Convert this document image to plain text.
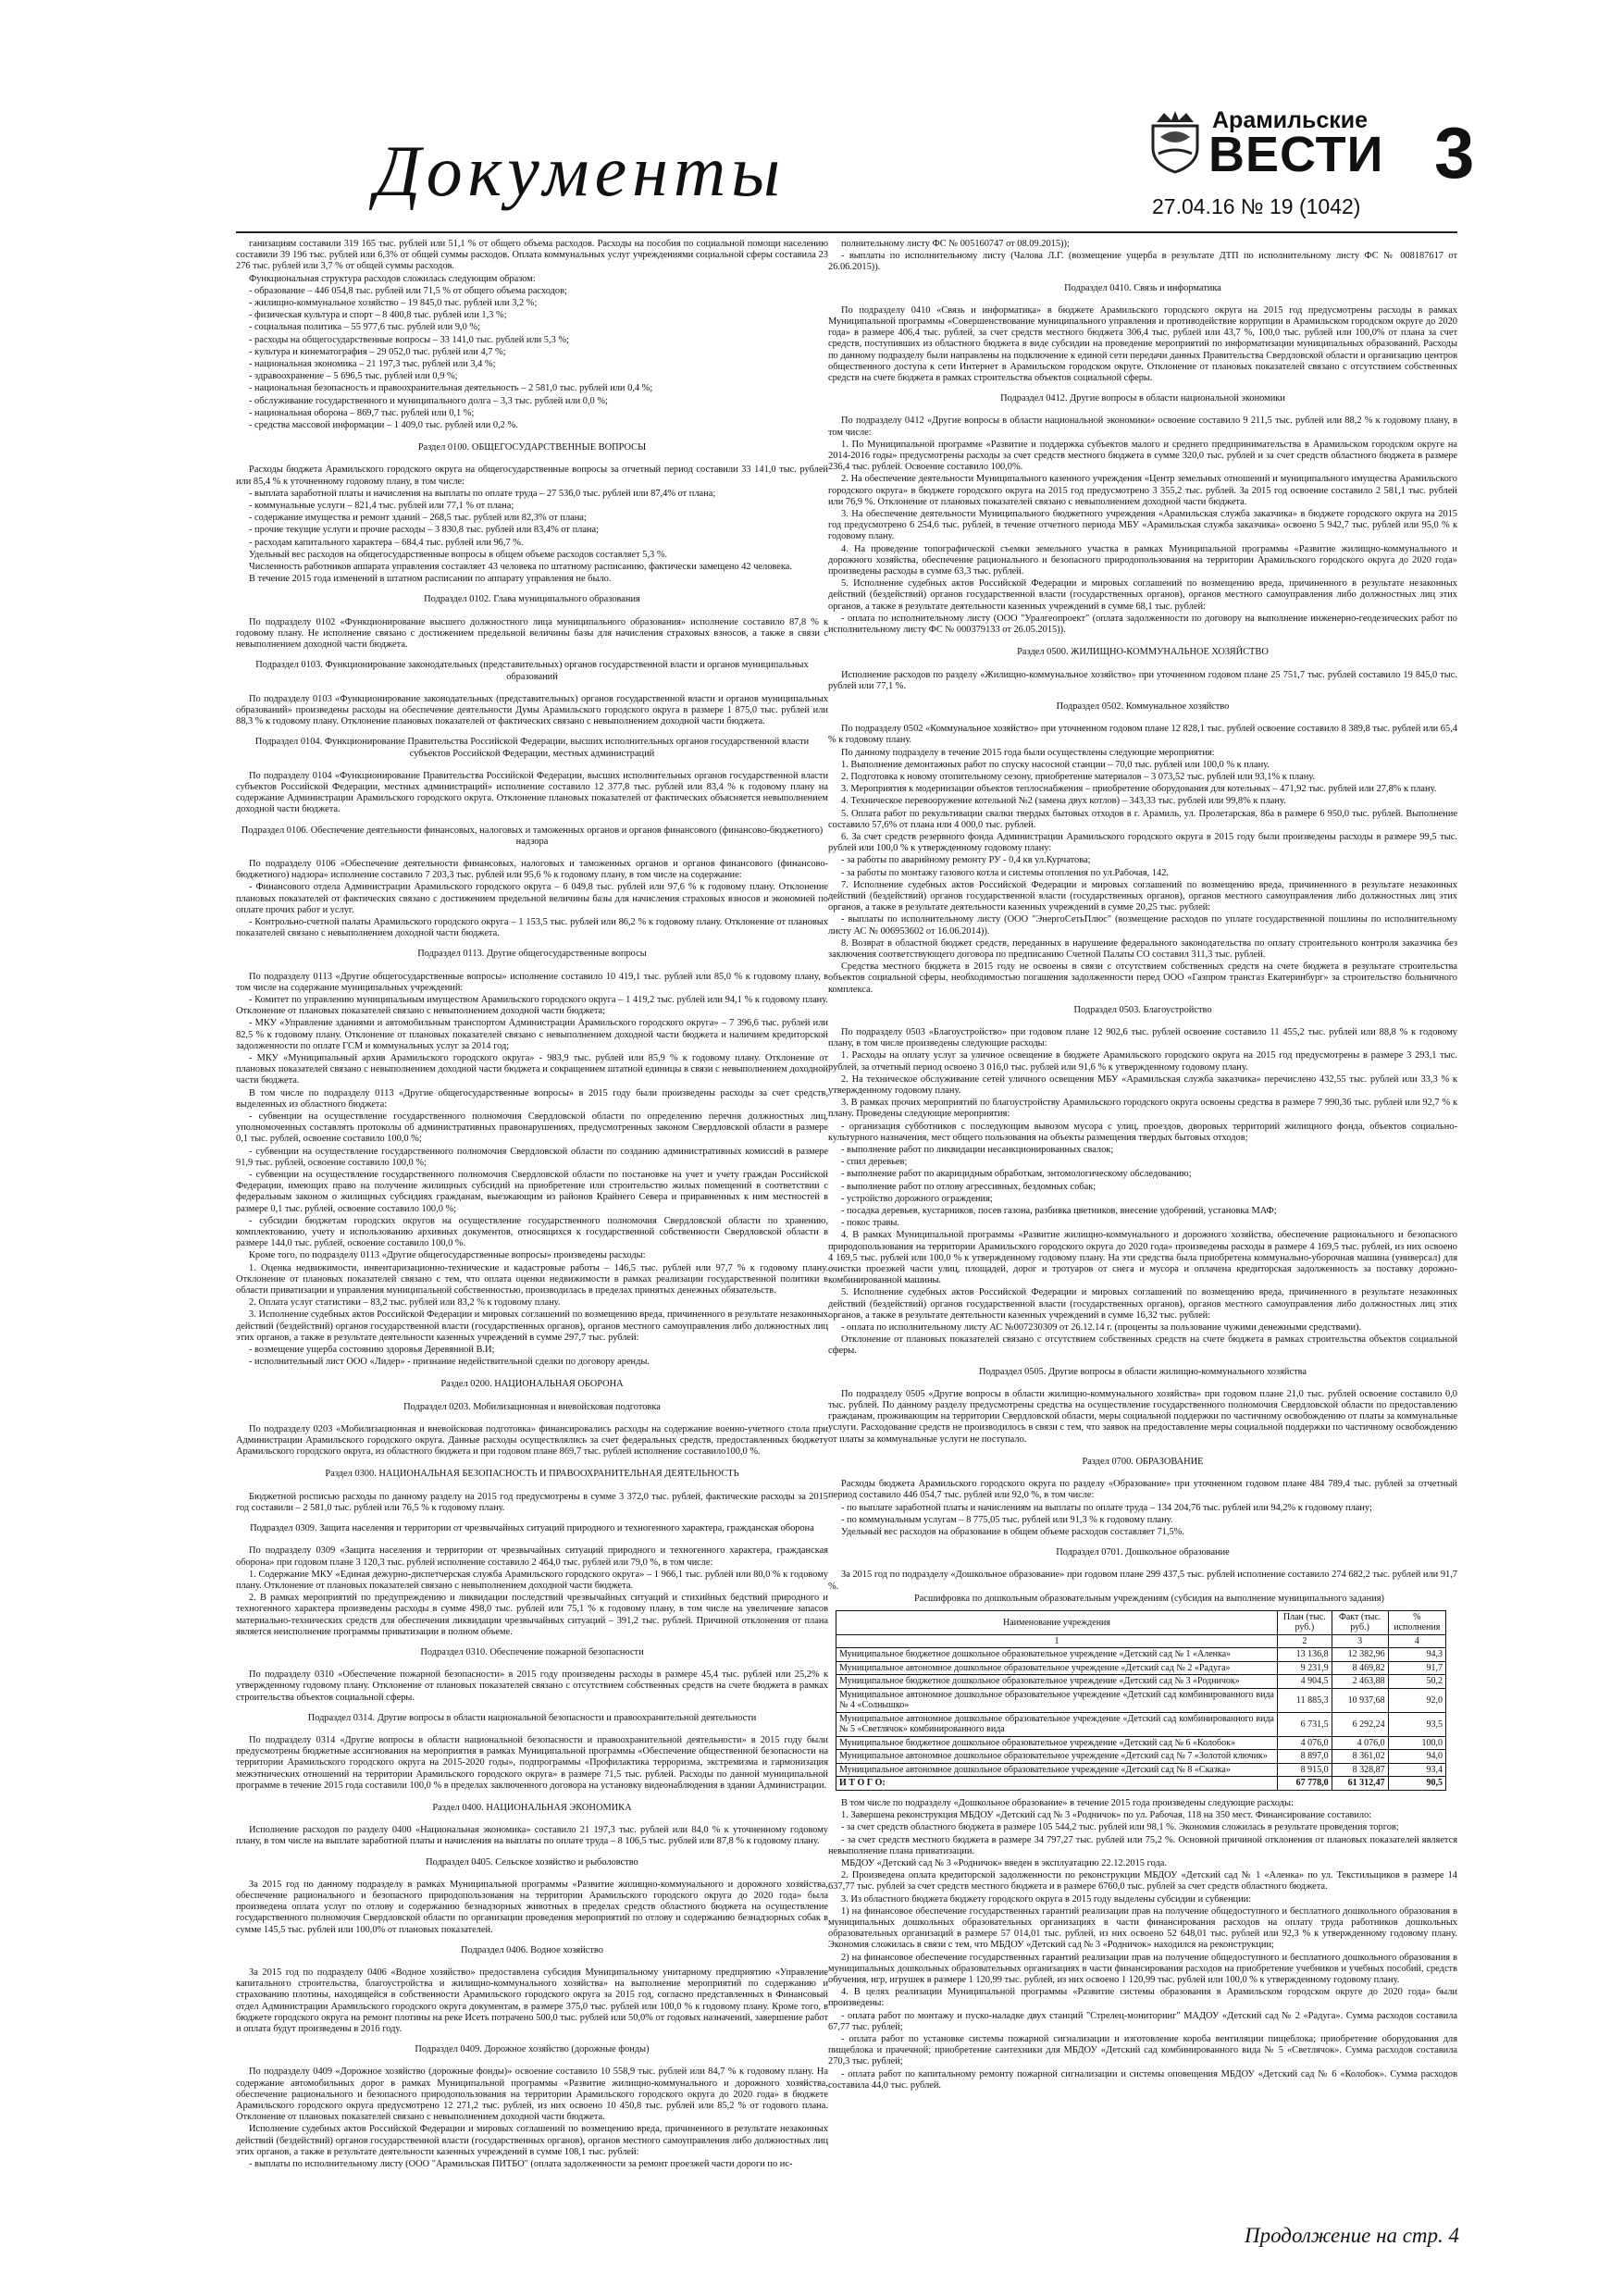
Документы
Арамильские
ВЕСТИ
27.04.16 № 19 (1042)
3

ганизациям составили 319 165 тыс. рублей или 51,1 % от общего объема расходов. Расходы на пособия по социальной помощи населению составили 39 196 тыс. рублей или 6,3% от общей суммы расходов. Оплата коммунальных услуг учреждениями социальной сферы составила 23 276 тыс. рублей или 3,7 % от общей суммы расходов.

Функциональная структура расходов сложилась следующим образом:

- образование – 446 054,8 тыс. рублей или 71,5 % от общего объема расходов;

- жилищно-коммунальное хозяйство – 19 845,0 тыс. рублей или 3,2 %;

- физическая культура и спорт – 8 400,8 тыс. рублей или 1,3 %;

- социальная политика – 55 977,6 тыс. рублей или 9,0 %;

- расходы на общегосударственные вопросы – 33 141,0 тыс. рублей или 5,3 %;

- культура и кинематография – 29 052,0 тыс. рублей или 4,7 %;

- национальная экономика – 21 197,3 тыс. рублей или 3,4 %;

- здравоохранение – 5 696,5 тыс. рублей или 0,9 %;

- национальная безопасность и правоохранительная деятельность – 2 581,0 тыс. рублей или 0,4 %;

- обслуживание государственного и муниципального долга – 3,3 тыс. рублей или 0,0 %;

- национальная оборона – 869,7 тыс. рублей или 0,1 %;

- средства массовой информации – 1 409,0 тыс. рублей или 0,2 %.

Раздел 0100. ОБЩЕГОСУДАРСТВЕННЫЕ ВОПРОСЫ

Расходы бюджета Арамильского городского округа на общегосударственные вопросы за отчетный период составили 33 141,0 тыс. рублей или 85,4 % к уточненному годовому плану, в том числе:

- выплата заработной платы и начисления на выплаты по оплате труда – 27 536,0 тыс. рублей или 87,4% от плана;

- коммунальные услуги – 821,4 тыс. рублей или 77,1 % от плана;

- содержание имущества и ремонт зданий – 268,5 тыс. рублей или 82,3% от плана;

- прочие текущие услуги и прочие расходы – 3 830,8 тыс. рублей или 83,4% от плана;

- расходам капитального характера – 684,4 тыс. рублей или 96,7 %.

Удельный вес расходов на общегосударственные вопросы в общем объеме расходов составляет 5,3 %.

Численность работников аппарата управления составляет 43 человека по штатному расписанию, фактически замещено 42 человека.

В течение 2015 года изменений в штатном расписании по аппарату управления не было.

Подраздел 0102. Глава муниципального образования

По подразделу 0102 «Функционирование высшего должностного лица муниципального образования» исполнение составило 87,8 % к годовому плану. Не исполнение связано с достижением предельной величины базы для начисления страховых взносов, а также в связи с невыполнением доходной части бюджета.

Подраздел 0103. Функционирование законодательных (представительных) органов государственной власти и органов муниципальных образований

По подразделу 0103 «Функционирование законодательных (представительных) органов государственной власти и органов муниципальных образований» произведены расходы на обеспечение деятельности Думы Арамильского городского округа в размере 1 875,0 тыс. рублей или 88,3 % к годовому плану. Отклонение плановых показателей от фактических связано с невыполнением доходной части бюджета.

Подраздел 0104. Функционирование Правительства Российской Федерации, высших исполнительных органов государственной власти субъектов Российской Федерации, местных администраций

По подразделу 0104 «Функционирование Правительства Российской Федерации, высших исполнительных органов государственной власти субъектов Российской Федерации, местных администраций» исполнение составило 12 377,8 тыс. рублей или 83,4 % к годовому плану на содержание Администрации Арамильского городского округа. Отклонение плановых показателей от фактических объясняется невыполнением доходной части бюджета.

Подраздел 0106. Обеспечение деятельности финансовых, налоговых и таможенных органов и органов финансового (финансово-бюджетного) надзора

По подразделу 0106 «Обеспечение деятельности финансовых, налоговых и таможенных органов и органов финансового (финансово-бюджетного) надзора» исполнение составило 7 203,3 тыс. рублей или 95,6 % к годовому плану, в том числе на содержание:

- Финансового отдела Администрации Арамильского городского округа – 6 049,8 тыс. рублей или 97,6 % к годовому плану. Отклонение плановых показателей от фактических связано с достижением предельной величины базы для начисления страховых взносов и экономией по оплате прочих работ и услуг.

- Контрольно-счетной палаты Арамильского городского округа – 1 153,5 тыс. рублей или 86,2 % к годовому плану. Отклонение от плановых показателей связано с невыполнением доходной части бюджета.

Подраздел 0113. Другие общегосударственные вопросы

По подразделу 0113 «Другие общегосударственные вопросы» исполнение составило 10 419,1 тыс. рублей или 85,0 % к годовому плану, в том числе на содержание муниципальных учреждений:

- Комитет по управлению муниципальным имуществом Арамильского городского округа – 1 419,2 тыс. рублей или 94,1 % к годовому плану. Отклонение от плановых показателей связано с невыполнением доходной части бюджета;

- МКУ «Управление зданиями и автомобильным транспортом Администрации Арамильского городского округа» – 7 396,6 тыс. рублей или 82,5 % к годовому плану. Отклонение от плановых показателей связано с невыполнением доходной части бюджета и наличием кредиторской задолженности по оплате ГСМ и коммунальных услуг за 2014 год;

- МКУ «Муниципальный архив Арамильского городского округа» - 983,9 тыс. рублей или 85,9 % к годовому плану. Отклонение от плановых показателей связано с невыполнением доходной части бюджета и сокращением штатной единицы в связи с невыполнением доходной части бюджета.

В том числе по подразделу 0113 «Другие общегосударственные вопросы» в 2015 году были произведены расходы за счет средств, выделенных из областного бюджета:

- субвенции на осуществление государственного полномочия Свердловской области по определению перечня должностных лиц, уполномоченных составлять протоколы об административных правонарушениях, предусмотренных законом Свердловской области в размере 0,1 тыс. рублей, освоение составило 100,0 %;

- субвенции на осуществление государственного полномочия Свердловской области по созданию административных комиссий в размере 91,9 тыс. рублей, освоение составило 100,0 %;

- субвенции на осуществление государственного полномочия Свердловской области по постановке на учет и учету граждан Российской Федерации, имеющих право на получение жилищных субсидий на приобретение или строительство жилых помещений в соответствии с федеральным законом о жилищных субсидиях гражданам, выезжающим из районов Крайнего Севера и приравненных к ним местностей в размере 0,1 тыс. рублей, освоение составило 100,0 %;

- субсидии бюджетам городских округов на осуществление государственного полномочия Свердловской области по хранению, комплектованию, учету и использованию архивных документов, относящихся к государственной собственности Свердловской области в размере 144,0 тыс. рублей, освоение составило 100,0 %.

Кроме того, по подразделу 0113 «Другие общегосударственные вопросы» произведены расходы:

1. Оценка недвижимости, инвентаризационно-технические и кадастровые работы – 146,5 тыс. рублей или 97,7 % к годовому плану. Отклонение от плановых показателей связано с тем, что оплата оценки недвижимости в рамках реализации государственной политики в области приватизации и управления муниципальной собственностью, производилась в пределах принятых денежных обязательств.

2. Оплата услуг статистики – 83,2 тыс. рублей или 83,2 % к годовому плану.

3. Исполнение судебных актов Российской Федерации и мировых соглашений по возмещению вреда, причиненного в результате незаконных действий (бездействий) органов государственной власти (государственных органов), органов местного самоуправления либо должностных лиц этих органов, а также в результате деятельности казенных учреждений в сумме 297,7 тыс. рублей:

- возмещение ущерба состоянию здоровья Деревянной В.И;

- исполнительный лист ООО «Лидер» - признание недействительной сделки по договору аренды.

Раздел 0200. НАЦИОНАЛЬНАЯ ОБОРОНА

Подраздел 0203. Мобилизационная и вневойсковая подготовка

По подразделу 0203 «Мобилизационная и вневойсковая подготовка» финансировались расходы на содержание военно-учетного стола при Администрации Арамильского городского округа. Данные расходы осуществлялись за счет федеральных средств, предоставленных бюджету Арамильского городского округа, из областного бюджета и при годовом плане 869,7 тыс. рублей исполнение составило100,0 %.

Раздел 0300. НАЦИОНАЛЬНАЯ БЕЗОПАСНОСТЬ И ПРАВООХРАНИТЕЛЬНАЯ ДЕЯТЕЛЬНОСТЬ

Бюджетной росписью расходы по данному разделу на 2015 год предусмотрены в сумме 3 372,0 тыс. рублей, фактические расходы за 2015 год составили – 2 581,0 тыс. рублей или 76,5 % к годовому плану.

Подраздел 0309. Защита населения и территории от чрезвычайных ситуаций природного и техногенного характера, гражданская оборона

По подразделу 0309 «Защита населения и территории от чрезвычайных ситуаций природного и техногенного характера, гражданская оборона» при годовом плане 3 120,3 тыс. рублей исполнение составило 2 464,0 тыс. рублей или 79,0 %, в том числе:

1. Содержание МКУ «Единая дежурно-диспетчерская служба Арамильского городского округа» – 1 966,1 тыс. рублей или 80,0 % к годовому плану. Отклонение от плановых показателей связано с невыполнением доходной части бюджета.

2. В рамках мероприятий по предупреждению и ликвидации последствий чрезвычайных ситуаций и стихийных бедствий природного и техногенного характера произведены расходы в сумме 498,0 тыс. рублей или 75,1 % к годовому плану, в том числе на увеличение запасов материально-технических средств для обеспечения ликвидации чрезвычайных ситуаций – 391,2 тыс. рублей. Причиной отклонения от плана является неисполнение программы приватизации в полном объеме.

Подраздел 0310. Обеспечение пожарной безопасности

По подразделу 0310 «Обеспечение пожарной безопасности» в 2015 году произведены расходы в размере 45,4 тыс. рублей или 25,2% к утвержденному годовому плану. Отклонение от плановых показателей связано с отсутствием собственных средств на счете бюджета в рамках строительства объектов социальной сферы.

Подраздел 0314. Другие вопросы в области национальной безопасности и правоохранительной деятельности

По подразделу 0314 «Другие вопросы в области национальной безопасности и правоохранительной деятельности» в 2015 году были предусмотрены бюджетные ассигнования на мероприятия в рамках Муниципальной программы «Обеспечение общественной безопасности на территории Арамильского городского округа на 2015-2020 годы», подпрограммы «Профилактика терроризма, экстремизма и гармонизация межэтнических отношений на территории Арамильского городского округа» в размере 71,5 тыс. рублей. Расходы по данной муниципальной программе в течение 2015 года составили 100,0 % в пределах заключенного договора на установку видеонаблюдения в здании Администрации.

Раздел 0400. НАЦИОНАЛЬНАЯ ЭКОНОМИКА

Исполнение расходов по разделу 0400 «Национальная экономика» составило 21 197,3 тыс. рублей или 84,0 % к уточненному годовому плану, в том числе на выплате заработной платы и начисления на выплаты по оплате труда – 8 106,5 тыс. рублей или 87,8 % к годовому плану.

Подраздел 0405. Сельское хозяйство и рыболовство

За 2015 год по данному подразделу в рамках Муниципальной программы «Развитие жилищно-коммунального и дорожного хозяйства, обеспечение рационального и безопасного природопользования на территории Арамильского городского округа до 2020 года» была произведена оплата услуг по отлову и содержанию безнадзорных животных в пределах средств областного бюджета на осуществление государственного полномочия Свердловской области по организации проведения мероприятий по отлову и содержанию безнадзорных собак в сумме 145,5 тыс. рублей или 100,0% от плановых показателей.

Подраздел 0406. Водное хозяйство

За 2015 год по подразделу 0406 «Водное хозяйство» предоставлена субсидия Муниципальному унитарному предприятию «Управление капитального строительства, благоустройства и жилищно-коммунального хозяйства» на выполнение мероприятий по содержанию и страхованию плотины, находящейся в собственности Арамильского городского округа за 2015 год, согласно представленных в Финансовый отдел Администрации Арамильского городского округа документам, в размере 375,0 тыс. рублей или 100,0 % к годовому плану. Кроме того, в бюджете городского округа на ремонт плотины на реке Исеть потрачено 500,0 тыс. рублей или 50,0% от годовых назначений, завершение работ и оплата будут произведены в 2016 году.

Подраздел 0409. Дорожное хозяйство (дорожные фонды)

По подразделу 0409 «Дорожное хозяйство (дорожные фонды)» освоение составило 10 558,9 тыс. рублей или 84,7 % к годовому плану. На содержание автомобильных дорог в рамках Муниципальной программы «Развитие жилищно-коммунального и дорожного хозяйства, обеспечение рационального и безопасного природопользования на территории Арамильского городского округа до 2020 года» в бюджете Арамильского городского округа предусмотрено 12 271,2 тыс. рублей, из них освоено 10 450,8 тыс. рублей или 85,2 % от годового плана. Отклонение от плановых показателей связано с невыполнением доходной части бюджета.

Исполнение судебных актов Российской Федерации и мировых соглашений по возмещению вреда, причиненного в результате незаконных действий (бездействий) органов государственной власти (государственных органов), органов местного самоуправления либо должностных лиц этих органов, а также в результате деятельности казенных учреждений в сумме 108,1 тыс. рублей:

- выплаты по исполнительному листу (ООО "Арамильская ПИТБО" (оплата задолженности за ремонт проезжей части дороги по ис-

полнительному листу ФС № 005160747 от 08.09.2015));

- выплаты по исполнительному листу (Чалова Л.Г. (возмещение ущерба в результате ДТП по исполнительному листу ФС № 008187617 от 26.06.2015)).

Подраздел 0410. Связь и информатика

По подразделу 0410 «Связь и информатика» в бюджете Арамильского городского округа на 2015 год предусмотрены расходы в рамках Муниципальной программы «Совершенствование муниципального управления и противодействие коррупции в Арамильском городском округе до 2020 года» в размере 406,4 тыс. рублей, за счет средств местного бюджета 306,4 тыс. рублей или 43,7 %, 100,0 тыс. рублей или 100,0% от плана за счет средств, поступивших из областного бюджета в виде субсидии на проведение мероприятий по информатизации муниципальных образований. Расходы по данному подразделу были направлены на подключение к единой сети передачи данных Правительства Свердловской области и организацию центров общественного доступа к сети Интернет в Арамильском городском округе. Отклонение от плановых показателей связано с отсутствием собственных средств на счете бюджета в рамках строительства объектов социальной сферы.

Подраздел 0412. Другие вопросы в области национальной экономики

По подразделу 0412 «Другие вопросы в области национальной экономики» освоение составило 9 211,5 тыс. рублей или 88,2 % к годовому плану, в том числе:

1. По Муниципальной программе «Развитие и поддержка субъектов малого и среднего предпринимательства в Арамильском городском округе на 2014-2016 годы» предусмотрены расходы за счет средств местного бюджета в сумме 320,0 тыс. рублей и за счет средств областного бюджета в размере 236,4 тыс. рублей. Освоение составило 100,0%.

2. На обеспечение деятельности Муниципального казенного учреждения «Центр земельных отношений и муниципального имущества Арамильского городского округа» в бюджете городского округа на 2015 год предусмотрено 3 355,2 тыс. рублей. За 2015 год освоение составило 2 581,1 тыс. рублей или 76,9 %. Отклонение от плановых показателей связано с невыполнением доходной части бюджета.

3. На обеспечение деятельности Муниципального бюджетного учреждения «Арамильская служба заказчика» в бюджете городского округа на 2015 год предусмотрено 6 254,6 тыс. рублей, в течение отчетного периода МБУ «Арамильская служба заказчика» освоено 5 942,7 тыс. рублей или 95,0 % к годовому плану.

4. На проведение топографической съемки земельного участка в рамках Муниципальной программы «Развитие жилищно-коммунального и дорожного хозяйства, обеспечение рационального и безопасного природопользования на территории Арамильского городского округа до 2020 года» произведены расходы в сумме 63,3 тыс. рублей.

5. Исполнение судебных актов Российской Федерации и мировых соглашений по возмещению вреда, причиненного в результате незаконных действий (бездействий) органов государственной власти (государственных органов), органов местного самоуправления либо должностных лиц этих органов, а также в результате деятельности казенных учреждений в сумме 68,1 тыс. рублей:

- оплата по исполнительному листу (ООО "Уралгеопроект" (оплата задолженности по договору на выполнение инженерно-геодезических работ по исполнительному листу ФС № 000379133 от 26.05.2015)).

Раздел 0500. ЖИЛИЩНО-КОММУНАЛЬНОЕ ХОЗЯЙСТВО

Исполнение расходов по разделу «Жилищно-коммунальное хозяйство» при уточненном годовом плане 25 751,7 тыс. рублей составило 19 845,0 тыс. рублей или 77,1 %.

Подраздел 0502. Коммунальное хозяйство

По подразделу 0502 «Коммунальное хозяйство» при уточненном годовом плане 12 828,1 тыс. рублей освоение составило 8 389,8 тыс. рублей или 65,4 % к годовому плану.

По данному подразделу в течение 2015 года были осуществлены следующие мероприятия:

1. Выполнение демонтажных работ по спуску насосной станции – 70,0 тыс. рублей или 100,0 % к плану.

2. Подготовка к новому отопительному сезону, приобретение материалов – 3 073,52 тыс. рублей или 93,1% к плану.

3. Мероприятия к модернизации объектов теплоснабжения – приобретение оборудования для котельных – 471,92 тыс. рублей или 27,8% к плану.

4. Техническое перевооружение котельной №2 (замена двух котлов) – 343,33 тыс. рублей или 99,8% к плану.

5. Оплата работ по рекультивации свалки твердых бытовых отходов в г. Арамиль, ул. Пролетарская, 86а в размере 6 950,0 тыс. рублей. Выполнение составило 57,6% от плана или 4 000,0 тыс. рублей.

6. За счет средств резервного фонда Администрации Арамильского городского округа в 2015 году были произведены расходы в размере 99,5 тыс. рублей или 100,0 % к утвержденному годовому плану:

- за работы по аварийному ремонту РУ - 0,4 кв ул.Курчатова;

- за работы по монтажу газового котла и системы отопления по ул.Рабочая, 142.

7. Исполнение судебных актов Российской Федерации и мировых соглашений по возмещению вреда, причиненного в результате незаконных действий (бездействий) органов государственной власти (государственных органов), органов местного самоуправления либо должностных лиц этих органов, а также в результате деятельности казенных учреждений в сумме 20,25 тыс. рублей:

- выплаты по исполнительному листу (ООО "ЭнергоСетьПлюс" (возмещение расходов по уплате государственной пошлины по исполнительному листу АС № 006953602 от 16.06.2014)).

8. Возврат в областной бюджет средств, переданных в нарушение федерального законодательства по оплату строительного контроля заказчика без заключения соответствующего договора по предписанию Счетной Палаты СО составил 311,3 тыс. рублей.

Средства местного бюджета в 2015 году не освоены в связи с отсутствием собственных средств на счете бюджета в результате строительства объектов социальной сферы, необходимостью погашения задолженности перед ООО «Газпром трансгаз Екатеринбург» за строительство больничного комплекса.

Подраздел 0503. Благоустройство

По подразделу 0503 «Благоустройство» при годовом плане 12 902,6 тыс. рублей освоение составило 11 455,2 тыс. рублей или 88,8 % к годовому плану, в том числе произведены следующие расходы:

1. Расходы на оплату услуг за уличное освещение в бюджете Арамильского городского округа на 2015 год предусмотрены в размере 3 293,1 тыс. рублей, за отчетный период освоено 3 016,0 тыс. рублей или 91,6 % к утвержденному годовому плану.

2. На техническое обслуживание сетей уличного освещения МБУ «Арамильская служба заказчика» перечислено 432,55 тыс. рублей или 33,3 % к утвержденному годовому плану.

3. В рамках прочих мероприятий по благоустройству Арамильского городского округа освоены средства в размере 7 990,36 тыс. рублей или 92,7 % к плану. Проведены следующие мероприятия:

- организация субботников с последующим вывозом мусора с улиц, проездов, дворовых территорий жилищного фонда, объектов социально-культурного назначения, мест общего пользования на объекты размещения твердых бытовых отходов;

- выполнение работ по ликвидации несанкционированных свалок;

- спил деревьев;

- выполнение работ по акарицидным обработкам, энтомологическому обследованию;

- выполнение работ по отлову агрессивных, бездомных собак;

- устройство дорожного ограждения;

- посадка деревьев, кустарников, посев газона, разбивка цветников, внесение удобрений, установка МАФ;

- покос травы.

4. В рамках Муниципальной программы «Развитие жилищно-коммунального и дорожного хозяйства, обеспечение рационального и безопасного природопользования на территории Арамильского городского округа до 2020 года» произведены расходы в размере 4 169,5 тыс. рублей, из них освоено 4 169,5 тыс. рублей или 100,0 % к утвержденному годовому плану. На эти средства была приобретена коммунально-уборочная машина (универсал) для очистки проезжей части улиц, площадей, дорог и тротуаров от снега и мусора и оплачена кредиторская задолженность за поставку дорожно-комбинированной машины.

5. Исполнение судебных актов Российской Федерации и мировых соглашений по возмещению вреда, причиненного в результате незаконных действий (бездействий) органов государственной власти (государственных органов), органов местного самоуправления либо должностных лиц этих органов, а также в результате деятельности казенных учреждений в сумме 16,32 тыс. рублей:

- оплата по исполнительному листу АС №007230309 от 26.12.14 г. (проценты за пользование чужими денежными средствами).

Отклонение от плановых показателей связано с отсутствием собственных средств на счете бюджета в рамках строительства объектов социальной сферы.

Подраздел 0505. Другие вопросы в области жилищно-коммунального хозяйства

По подразделу 0505 «Другие вопросы в области жилищно-коммунального хозяйства» при годовом плане 21,0 тыс. рублей освоение составило 0,0 тыс. рублей. По данному разделу предусмотрены средства на осуществление государственного полномочия Свердловской области по предоставлению гражданам, проживающим на территории Свердловской области, меры социальной поддержки по частичному освобождению от платы за коммунальные услуги. Расходование средств не производилось в связи с тем, что заявок на предоставление меры социальной поддержки по частичному освобождению от платы за коммунальные услуги не поступало.

Раздел 0700. ОБРАЗОВАНИЕ

Расходы бюджета Арамильского городского округа по разделу «Образование» при уточненном годовом плане 484 789,4 тыс. рублей за отчетный период составило 446 054,7 тыс. рублей или 92,0 %, в том числе:

- по выплате заработной платы и начислениям на выплаты по оплате труда – 134 204,76 тыс. рублей или 94,2% к годовому плану;

- по коммунальным услугам – 8 775,05 тыс. рублей или 91,3 % к годовому плану.

Удельный вес расходов на образование в общем объеме расходов составляет 71,5%.

Подраздел 0701. Дошкольное образование

За 2015 год по подразделу «Дошкольное образование» при годовом плане 299 437,5 тыс. рублей исполнение составило 274 682,2 тыс. рублей или 91,7 %.

Расшифровка по дошкольным образовательным учреждениям (субсидия на выполнение муниципального задания)

Наименование учреждения	План (тыс. руб.)	Факт (тыс. руб.)	% исполнения
1	2	3	4
Муниципальное бюджетное дошкольное образовательное учреждение «Детский сад № 1 «Аленка»	13 136,8	12 382,96	94,3
Муниципальное автономное дошкольное образовательное учреждение «Детский сад № 2 «Радуга»	9 231,9	8 469,82	91,7
Муниципальное бюджетное дошкольное образовательное учреждение «Детский сад № 3 «Родничок»	4 904,5	2 463,88	50,2
Муниципальное автономное дошкольное образовательное учреждение «Детский сад комбинированного вида № 4 «Солнышко»	11 885,3	10 937,68	92,0
Муниципальное автономное дошкольное образовательное учреждение «Детский сад комбинированного вида № 5 «Светлячок» комбинированного вида	6 731,5	6 292,24	93,5
Муниципальное бюджетное дошкольное образовательное учреждение «Детский сад № 6 «Колобок»	4 076,0	4 076,0	100,0
Муниципальное автономное дошкольное образовательное учреждение «Детский сад № 7 «Золотой ключик»	8 897,0	8 361,02	94,0
Муниципальное автономное дошкольное образовательное учреждение «Детский сад № 8 «Сказка»	8 915,0	8 328,87	93,4
И Т О Г О:	67 778,0	61 312,47	90,5

В том числе по подразделу «Дошкольное образование» в течение 2015 года произведены следующие расходы:

1. Завершена реконструкция МБДОУ «Детский сад № 3 «Родничок» по ул. Рабочая, 118 на 350 мест. Финансирование составило:

- за счет средств областного бюджета в размере 105 544,2 тыс. рублей или 98,1 %. Экономия сложилась в результате проведения торгов;

- за счет средств местного бюджета в размере 34 797,27 тыс. рублей или 75,2 %. Основной причиной отклонения от плановых показателей является невыполнение плана приватизации.

МБДОУ «Детский сад № 3 «Родничок» введен в эксплуатацию 22.12.2015 года.

2. Произведена оплата кредиторской задолженности по реконструкции МБДОУ «Детский сад № 1 «Аленка» по ул. Текстильщиков в размере 14 637,77 тыс. рублей за счет средств местного бюджета и в размере 6760,0 тыс. рублей за счет средств областного бюджета.

3. Из областного бюджета бюджету городского округа в 2015 году выделены субсидии и субвенции:

1) на финансовое обеспечение государственных гарантий реализации прав на получение общедоступного и бесплатного дошкольного образования в муниципальных дошкольных образовательных организациях в части финансирования расходов на оплату труда работников дошкольных образовательных организаций в размере 57 014,01 тыс. рублей, из них освоено 52 648,01 тыс. рублей или 92,3 % к утвержденному годовому плану. Экономия сложилась в связи с тем, что МБДОУ «Детский сад № 3 «Родничок» находился на реконструкции;

2) на финансовое обеспечение государственных гарантий реализации прав на получение общедоступного и бесплатного дошкольного образования в муниципальных дошкольных образовательных организациях в части финансирования расходов на приобретение учебников и учебных пособий, средств обучения, игр, игрушек в размере 1 120,99 тыс. рублей, из них освоено 1 120,99 тыс. рублей или 100,0 % к утвержденному годовому плану.

4. В целях реализации Муниципальной программы «Развитие системы образования в Арамильском городском округе до 2020 года» были произведены:

- оплата работ по монтажу и пуско-наладке двух станций "Стрелец-мониторинг" МАДОУ «Детский сад № 2 «Радуга». Сумма расходов составила 67,77 тыс. рублей;

- оплата работ по установке системы пожарной сигнализации и изготовление короба вентиляции пищеблока; приобретение оборудования для пищеблока и прачечной; приобретение сантехники для МБДОУ «Детский сад комбинированного вида № 5 «Светлячок». Сумма расходов составила 270,3 тыс. рублей;

- оплата работ по капитальному ремонту пожарной сигнализации и системы оповещения МБДОУ «Детский сад № 6 «Колобок». Сумма расходов составила 44,0 тыс. рублей.

Продолжение на стр. 4
